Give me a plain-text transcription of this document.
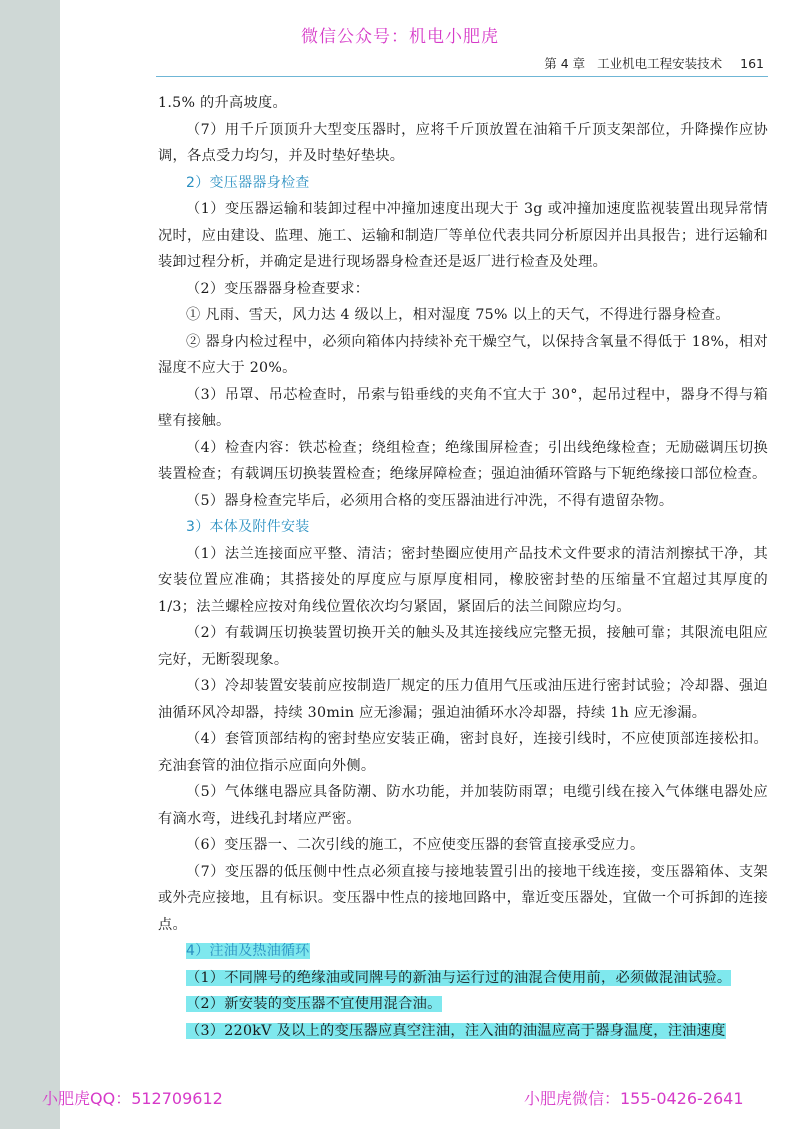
微信公众号：机电小肥虎
第 4 章 工业机电工程安装技术 161

1.5% 的升高坡度。

（7）用千斤顶顶升大型变压器时，应将千斤顶放置在油箱千斤顶支架部位，升降操作应协调，各点受力均匀，并及时垫好垫块。

2）变压器器身检查

（1）变压器运输和装卸过程中冲撞加速度出现大于 3g 或冲撞加速度监视装置出现异常情况时，应由建设、监理、施工、运输和制造厂等单位代表共同分析原因并出具报告；进行运输和装卸过程分析，并确定是进行现场器身检查还是返厂进行检查及处理。

（2）变压器器身检查要求：

① 凡雨、雪天，风力达 4 级以上，相对湿度 75% 以上的天气，不得进行器身检查。

② 器身内检过程中，必须向箱体内持续补充干燥空气，以保持含氧量不得低于 18%，相对湿度不应大于 20%。

（3）吊罩、吊芯检查时，吊索与铅垂线的夹角不宜大于 30°，起吊过程中，器身不得与箱壁有接触。

（4）检查内容：铁芯检查；绕组检查；绝缘围屏检查；引出线绝缘检查；无励磁调压切换装置检查；有载调压切换装置检查；绝缘屏障检查；强迫油循环管路与下轭绝缘接口部位检查。

（5）器身检查完毕后，必须用合格的变压器油进行冲洗，不得有遗留杂物。

3）本体及附件安装

（1）法兰连接面应平整、清洁；密封垫圈应使用产品技术文件要求的清洁剂擦拭干净，其安装位置应准确；其搭接处的厚度应与原厚度相同，橡胶密封垫的压缩量不宜超过其厚度的 1/3；法兰螺栓应按对角线位置依次均匀紧固，紧固后的法兰间隙应均匀。

（2）有载调压切换装置切换开关的触头及其连接线应完整无损，接触可靠；其限流电阻应完好，无断裂现象。

（3）冷却装置安装前应按制造厂规定的压力值用气压或油压进行密封试验；冷却器、强迫油循环风冷却器，持续 30min 应无渗漏；强迫油循环水冷却器，持续 1h 应无渗漏。

（4）套管顶部结构的密封垫应安装正确，密封良好，连接引线时，不应使顶部连接松扣。充油套管的油位指示应面向外侧。

（5）气体继电器应具备防潮、防水功能，并加装防雨罩；电缆引线在接入气体继电器处应有滴水弯，进线孔封堵应严密。

（6）变压器一、二次引线的施工，不应使变压器的套管直接承受应力。

（7）变压器的低压侧中性点必须直接与接地装置引出的接地干线连接，变压器箱体、支架或外壳应接地，且有标识。变压器中性点的接地回路中，靠近变压器处，宜做一个可拆卸的连接点。

4）注油及热油循环

（1）不同牌号的绝缘油或同牌号的新油与运行过的油混合使用前，必须做混油试验。

（2）新安装的变压器不宜使用混合油。

（3）220kV 及以上的变压器应真空注油，注入油的油温应高于器身温度，注油速度

小肥虎QQ：512709612	小肥虎微信：155-0426-2641
